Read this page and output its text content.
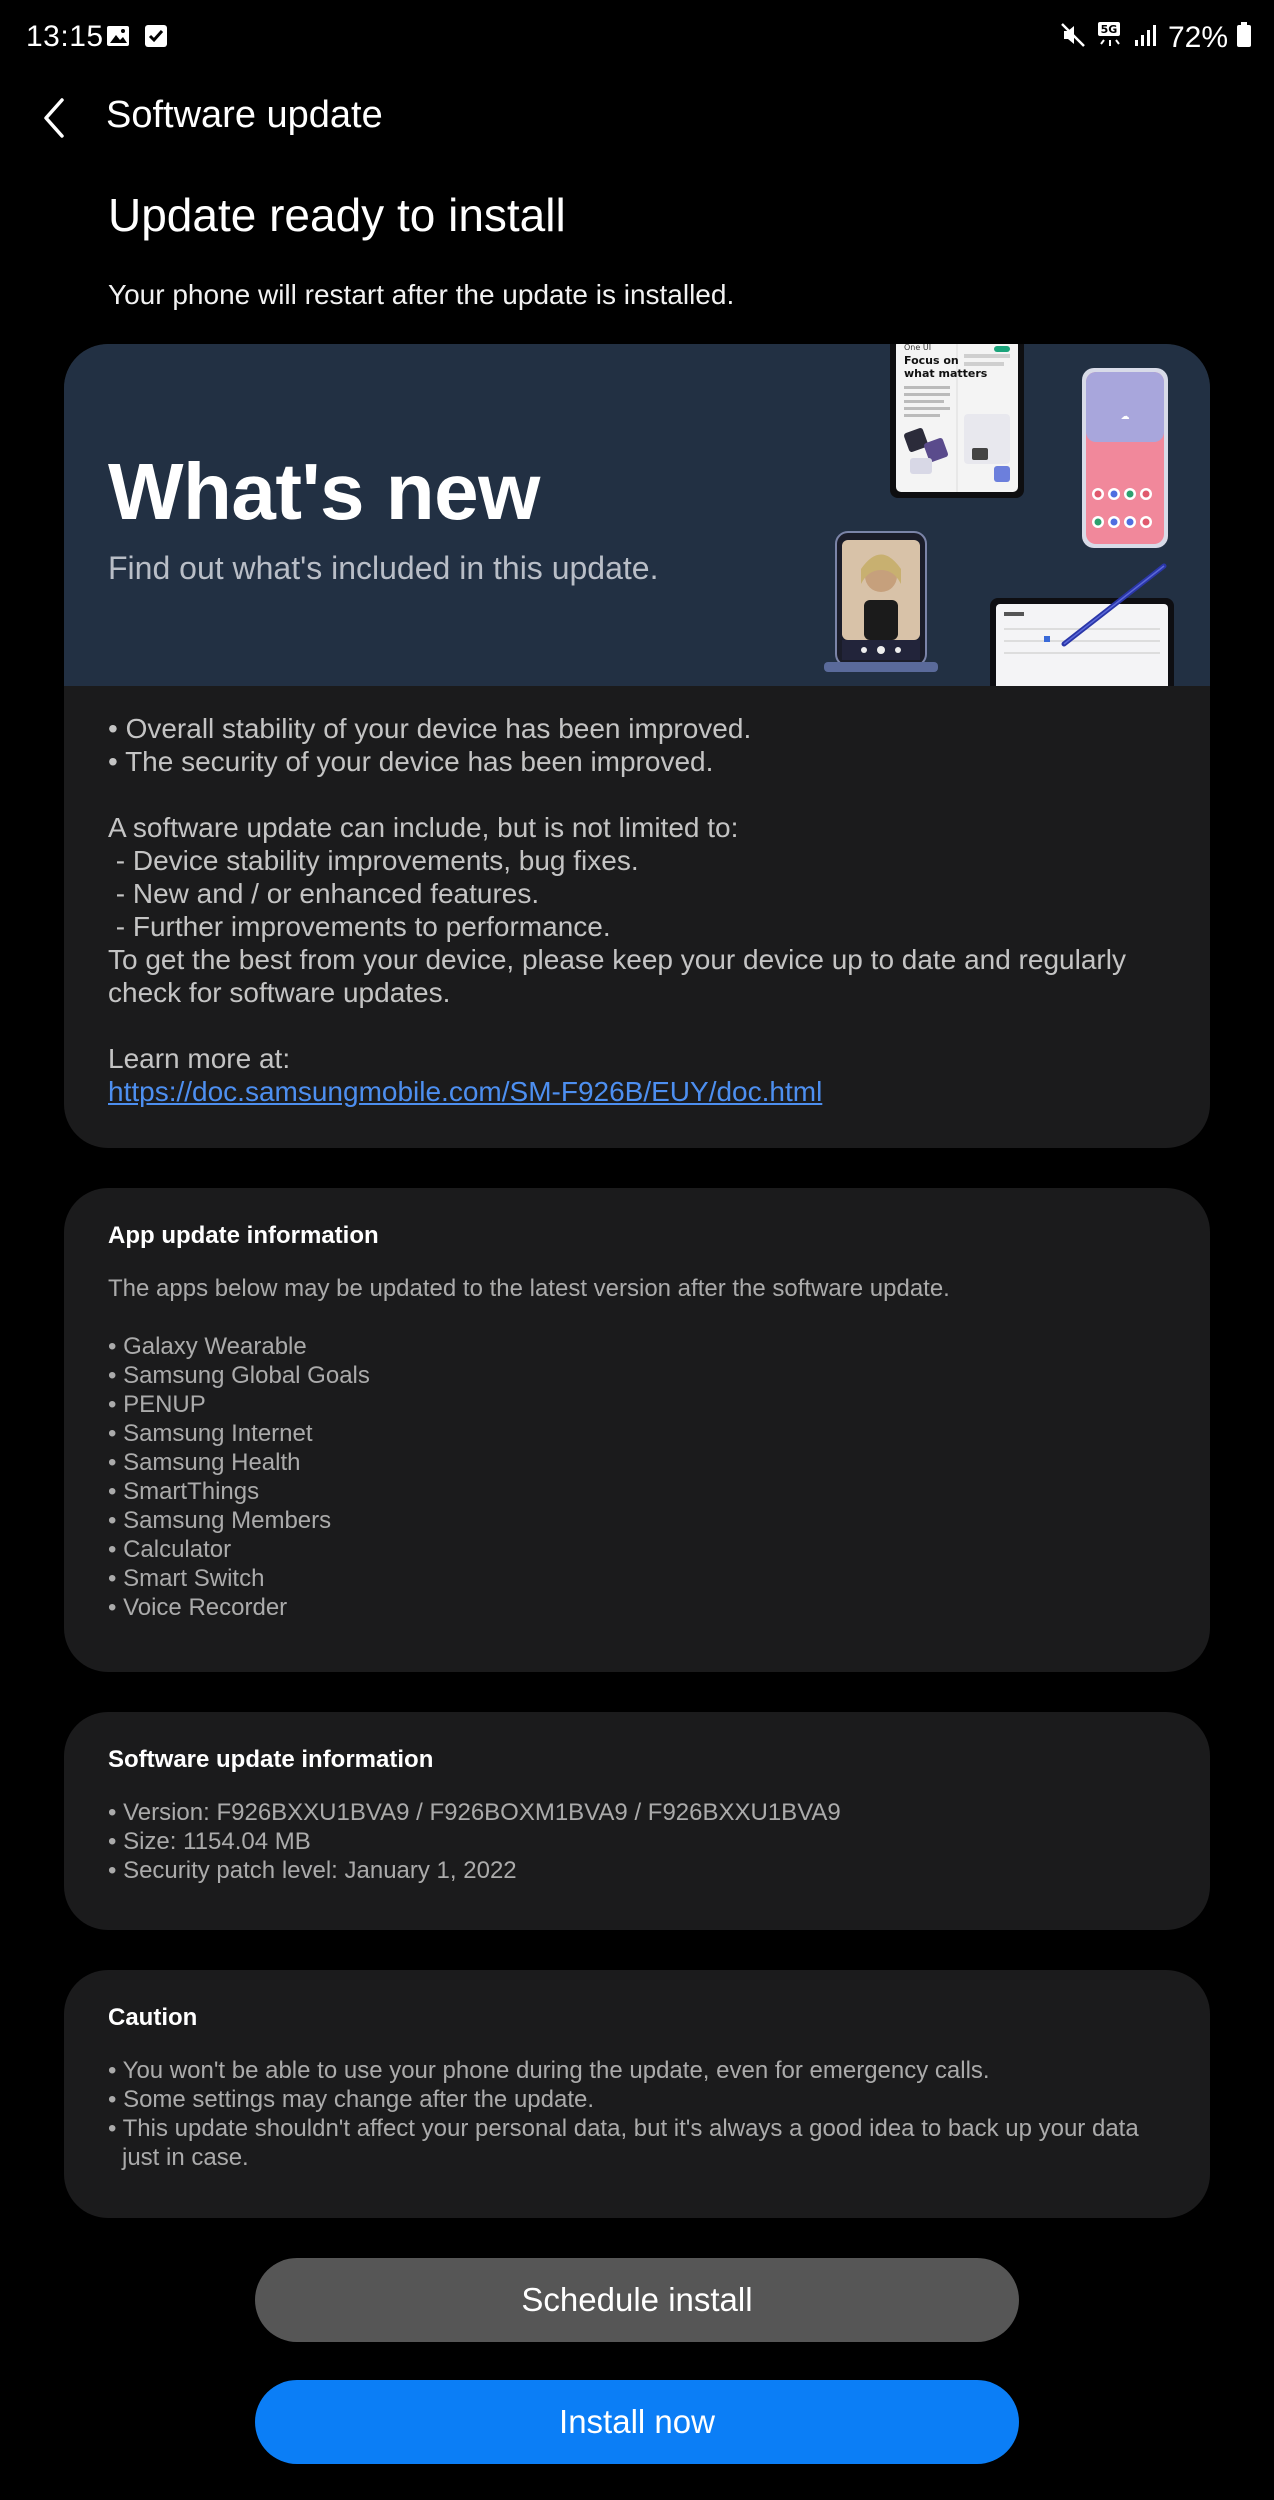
13:15	5G 72%
Software update
Update ready to install
Your phone will restart after the update is installed.
One UI
Focus on
what matters
☁
What's new
Find out what's included in this update.
• Overall stability of your device has been improved.
• The security of your device has been improved.
A software update can include, but is not limited to:
- Device stability improvements, bug fixes.
- New and / or enhanced features.
- Further improvements to performance.
To get the best from your device, please keep your device up to date and regularly
check for software updates.
Learn more at:
https://doc.samsungmobile.com/SM-F926B/EUY/doc.html
App update information
The apps below may be updated to the latest version after the software update.
• Galaxy Wearable
• Samsung Global Goals
• PENUP
• Samsung Internet
• Samsung Health
• SmartThings
• Samsung Members
• Calculator
• Smart Switch
• Voice Recorder
Software update information
• Version: F926BXXU1BVA9 / F926BOXM1BVA9 / F926BXXU1BVA9
• Size: 1154.04 MB
• Security patch level: January 1, 2022
Caution
• You won't be able to use your phone during the update, even for emergency calls.
• Some settings may change after the update.
• This update shouldn't affect your personal data, but it's always a good idea to back up your data just in case.
Schedule install
Install now
